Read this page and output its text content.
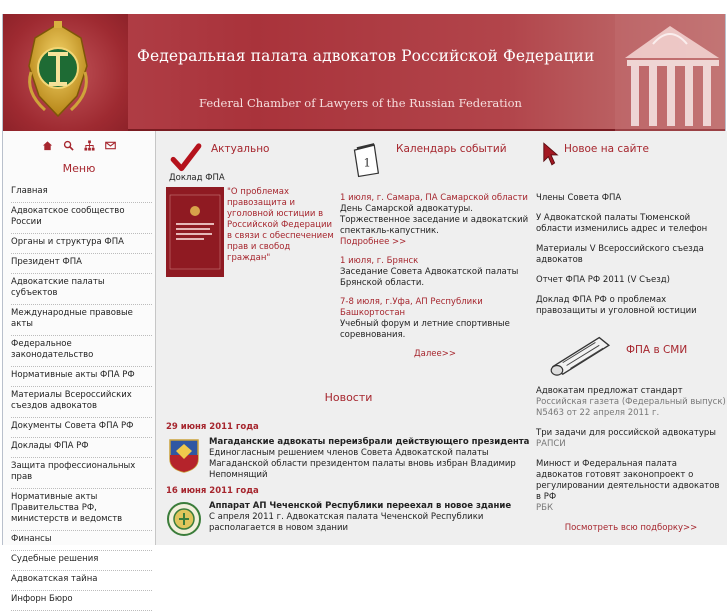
Федеральная палата адвокатов Российской Федерации
Federal Chamber of Lawyers of the Russian Federation
Меню
Главная
Адвокатское сообщество России
Органы и структура ФПА
Президент ФПА
Адвокатские палаты субъектов
Международные правовые акты
Федеральное законодательство
Нормативные акты ФПА РФ
Материалы Всероссийских съездов адвокатов
Документы Совета ФПА РФ
Доклады ФПА РФ
Защита профессиональных прав
Нормативные акты Правительства РФ, министерств и ведомств
Финансы
Судебные решения
Адвокатская тайна
Инфорн Бюро
Актуально
Доклад ФПА
"О проблемах правозащита и уголовной юстиции в Российской Федерации
в связи с обеспечением прав и свобод граждан"
1
Календарь событий
1 июля, г. Самара, ПА Самарской области
День Самарской адвокатуры. Торжественное заседание и адвокатский спектакль-капустник.
Подробнее >>
1 июля, г. Брянск
Заседание Совета Адвокатской палаты Брянской области.
7-8 июля, г.Уфа, АП Республики Башкортостан
Учебный форум и летние спортивные соревнования.
Далее>>
Новое на сайте

Члены Совета ФПА

У Адвокатской палаты Тюменской области изменились адрес и телефон

Материалы V Всероссийского съезда адвокатов

Отчет ФПА РФ 2011 (V Съезд)

Доклад ФПА РФ о проблемах правозащиты и уголовной юстиции

ФПА в СМИ

Адвокатам предложат стандарт

Российская газета (Федеральный выпуск) N5463 от 22 апреля 2011 г.

Три задачи для российской адвокатуры

РАПСИ

Минюст и Федеральная палата адвокатов готовят законопроект о регулировании деятельности адвокатов в РФ

РБК

Посмотреть всю подборку>>
Новости
29 июня 2011 года
Магаданские адвокаты переизбрали действующего президента
Единогласным решением членов Совета Адвокатской палаты Магаданской области президентом палаты вновь избран Владимир Непомнящий
16 июня 2011 года
Аппарат АП Чеченской Республики переехал в новое здание
С апреля 2011 г. Адвокатская палата Чеченской Республики располагается в новом здании
